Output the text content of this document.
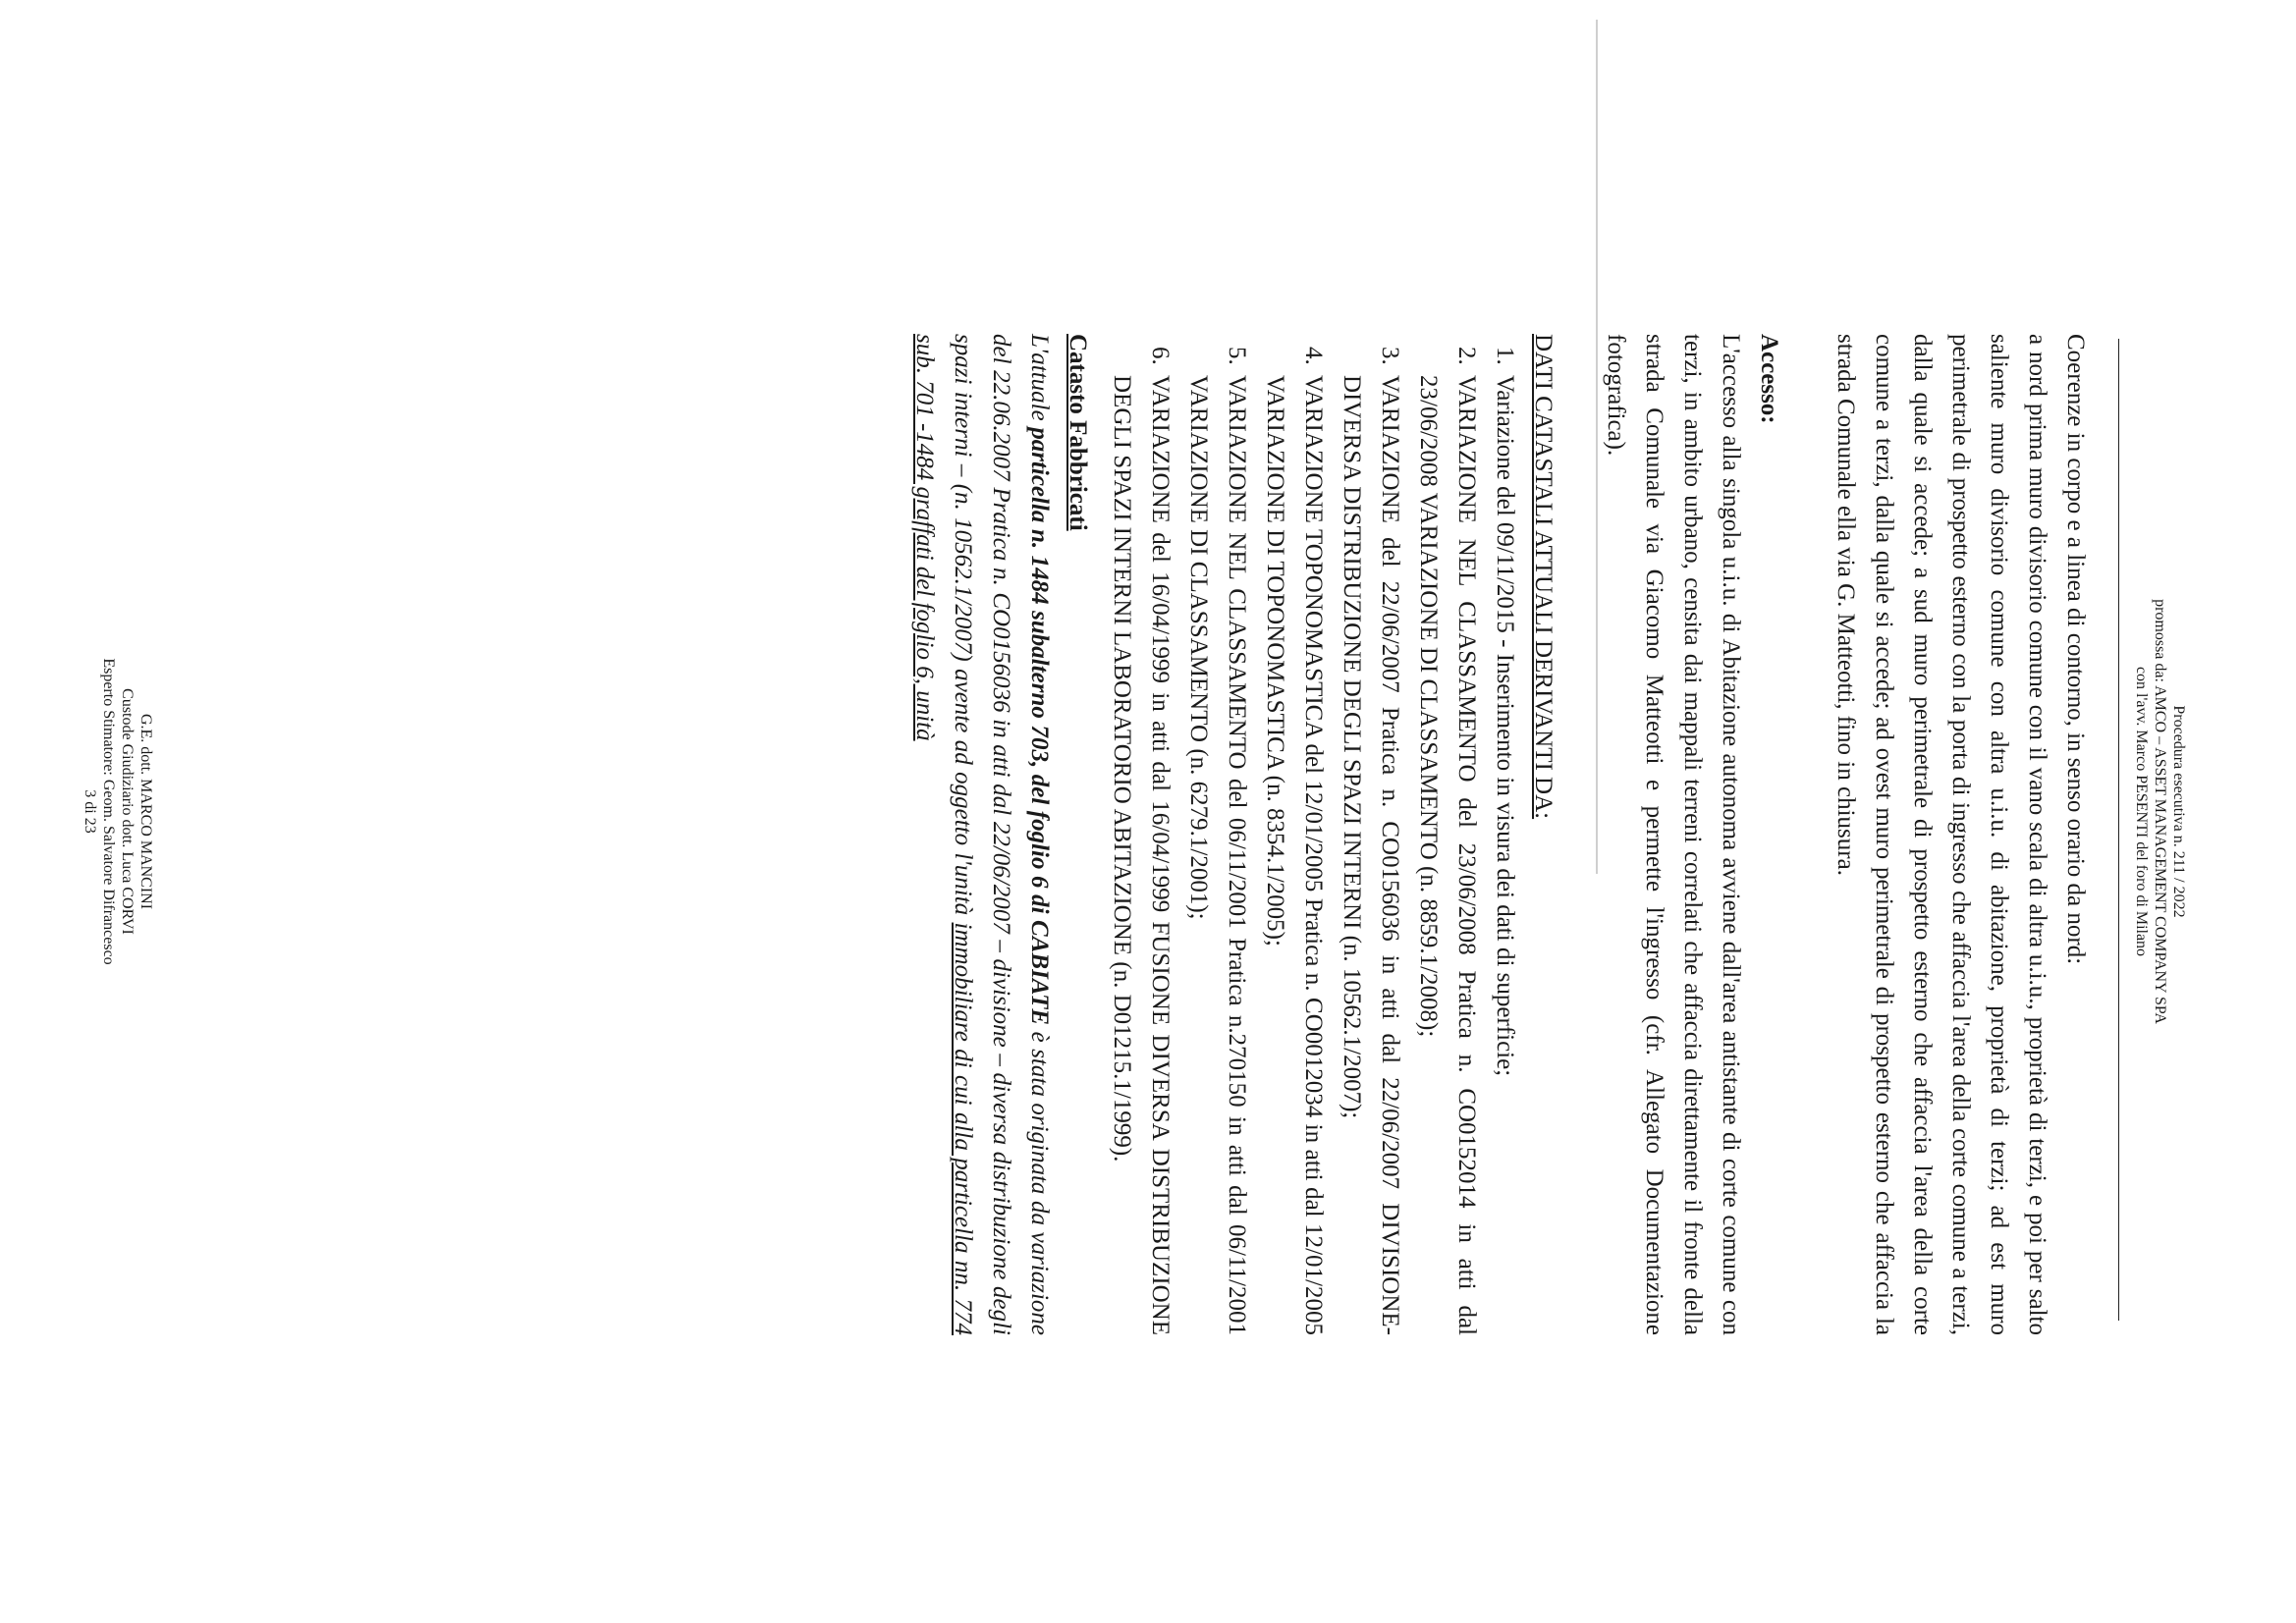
Procedura esecutiva n. 211 / 2022
promossa da: AMCO – ASSET MANAGEMENT COMPANY SPA
con l'avv. Marco PESENTI del foro di Milano

Coerenze in corpo e a linea di contorno, in senso orario da nord:

a nord prima muro divisorio comune con il vano scala di altra u.i.u., proprietà di terzi, e poi per salto saliente muro divisorio comune con altra u.i.u. di abitazione, proprietà di terzi; ad est muro perimetrale di prospetto esterno con la porta di ingresso che affaccia l'area della corte comune a terzi, dalla quale si accede; a sud muro perimetrale di prospetto esterno che affaccia l'area della corte comune a terzi, dalla quale si accede; ad ovest muro perimetrale di prospetto esterno che affaccia la strada Comunale ella via G. Matteotti, fino in chiusura.

Accesso:

L'accesso alla singola u.i.u. di Abitazione autonoma avviene dall'area antistante di corte comune con terzi, in ambito urbano, censita dai mappali terreni correlati che affaccia direttamente il fronte della strada Comunale via Giacomo Matteotti e permette l'ingresso (cfr. Allegato Documentazione fotografica).

DATI CATASTALI ATTUALI DERIVANTI DA:

1. Variazione del 09/11/2015 - Inserimento in visura dei dati di superficie;
2. VARIAZIONE NEL CLASSAMENTO del 23/06/2008 Pratica n. CO0152014 in atti dal 23/06/2008 VARIAZIONE DI CLASSAMENTO (n. 8859.1/2008);
3. VARIAZIONE del 22/06/2007 Pratica n. CO0156036 in atti dal 22/06/2007 DIVISIONE-DIVERSA DISTRIBUZIONE DEGLI SPAZI INTERNI (n. 10562.1/2007);
4. VARIAZIONE TOPONOMASTICA del 12/01/2005 Pratica n. CO0012034 in atti dal 12/01/2005 VARIAZIONE DI TOPONOMASTICA (n. 8354.1/2005);
5. VARIAZIONE NEL CLASSAMENTO del 06/11/2001 Pratica n.270150 in atti dal 06/11/2001 VARIAZIONE DI CLASSAMENTO (n. 6279.1/2001);
6. VARIAZIONE del 16/04/1999 in atti dal 16/04/1999 FUSIONE DIVERSA DISTRIBUZIONE DEGLI SPAZI INTERNI LABORATORIO ABITAZIONE (n. D01215.1/1999).

Catasto Fabbricati

L'attuale particella n. 1484 subalterno 703, del foglio 6 di CABIATE è stata originata da variazione del 22.06.2007 Pratica n. CO0156036 in atti dal 22/06/2007 – divisione – diversa distribuzione degli spazi interni – (n. 10562.1/2007) avente ad oggetto l'unità immobiliare di cui alla particella nn. 774 sub. 701 -1484 graffati del foglio 6, unità

G.E. dott. MARCO MANCINI
Custode Giudiziario dott. Luca CORVI
Esperto Stimatore: Geom. Salvatore Difrancesco
3 di 23
